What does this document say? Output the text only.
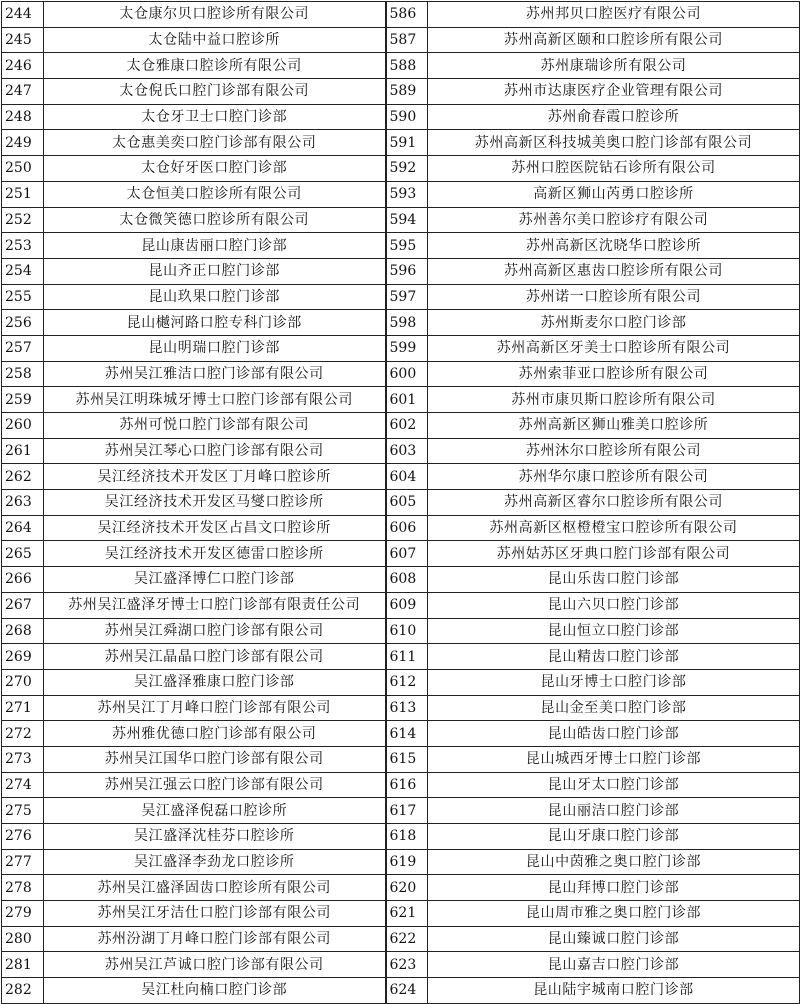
244	太仓康尔贝口腔诊所有限公司	586	苏州邦贝口腔医疗有限公司
245	太仓陆中益口腔诊所	587	苏州高新区颐和口腔诊所有限公司
246	太仓雅康口腔诊所有限公司	588	苏州康瑞诊所有限公司
247	太仓倪氏口腔门诊部有限公司	589	苏州市达康医疗企业管理有限公司
248	太仓牙卫士口腔门诊部	590	苏州俞春霞口腔诊所
249	太仓惠美奕口腔门诊部有限公司	591	苏州高新区科技城美奥口腔门诊部有限公司
250	太仓好牙医口腔门诊部	592	苏州口腔医院钻石诊所有限公司
251	太仓恒美口腔诊所有限公司	593	高新区狮山芮勇口腔诊所
252	太仓微笑德口腔诊所有限公司	594	苏州善尔美口腔诊疗有限公司
253	昆山康齿丽口腔门诊部	595	苏州高新区沈晓华口腔诊所
254	昆山齐正口腔门诊部	596	苏州高新区惠齿口腔诊所有限公司
255	昆山玖果口腔门诊部	597	苏州诺一口腔诊所有限公司
256	昆山樾河路口腔专科门诊部	598	苏州斯麦尔口腔门诊部
257	昆山明瑞口腔门诊部	599	苏州高新区牙美士口腔诊所有限公司
258	苏州吴江雅洁口腔门诊部有限公司	600	苏州索菲亚口腔诊所有限公司
259	苏州吴江明珠城牙博士口腔门诊部有限公司	601	苏州市康贝斯口腔诊所有限公司
260	苏州可悦口腔门诊部有限公司	602	苏州高新区狮山雅美口腔诊所
261	苏州吴江琴心口腔门诊部有限公司	603	苏州沐尔口腔诊所有限公司
262	吴江经济技术开发区丁月峰口腔诊所	604	苏州华尔康口腔诊所有限公司
263	吴江经济技术开发区马燮口腔诊所	605	苏州高新区睿尔口腔诊所有限公司
264	吴江经济技术开发区占昌文口腔诊所	606	苏州高新区枢橙橙宝口腔诊所有限公司
265	吴江经济技术开发区德雷口腔诊所	607	苏州姑苏区牙典口腔门诊部有限公司
266	吴江盛泽博仁口腔门诊部	608	昆山乐齿口腔门诊部
267	苏州吴江盛泽牙博士口腔门诊部有限责任公司	609	昆山六贝口腔门诊部
268	苏州吴江舜湖口腔门诊部有限公司	610	昆山恒立口腔门诊部
269	苏州吴江晶晶口腔门诊部有限公司	611	昆山精齿口腔门诊部
270	吴江盛泽雅康口腔门诊部	612	昆山牙博士口腔门诊部
271	苏州吴江丁月峰口腔门诊部有限公司	613	昆山金至美口腔门诊部
272	苏州雅优德口腔门诊部有限公司	614	昆山皓齿口腔门诊部
273	苏州吴江国华口腔门诊部有限公司	615	昆山城西牙博士口腔门诊部
274	苏州吴江强云口腔门诊部有限公司	616	昆山牙太口腔门诊部
275	吴江盛泽倪磊口腔诊所	617	昆山丽洁口腔门诊部
276	吴江盛泽沈桂芬口腔诊所	618	昆山牙康口腔门诊部
277	吴江盛泽李劲龙口腔诊所	619	昆山中茵雅之奥口腔门诊部
278	苏州吴江盛泽固齿口腔诊所有限公司	620	昆山拜博口腔门诊部
279	苏州吴江牙洁仕口腔门诊部有限公司	621	昆山周市雅之奥口腔门诊部
280	苏州汾湖丁月峰口腔门诊部有限公司	622	昆山臻诚口腔门诊部
281	苏州吴江芦诚口腔门诊部有限公司	623	昆山嘉吉口腔门诊部
282	吴江杜向楠口腔门诊部	624	昆山陆宇城南口腔门诊部
